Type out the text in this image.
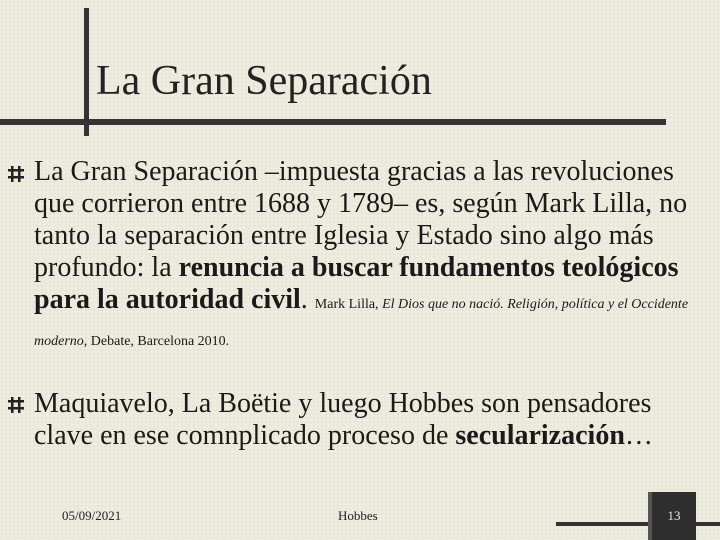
La Gran Separación

La Gran Separación –impuesta gracias a las revoluciones que corrieron entre 1688 y 1789– es, según Mark Lilla, no tanto la separación entre Iglesia y Estado sino algo más profundo: la renuncia a buscar fundamentos teológicos para la autoridad civil. Mark Lilla, El Dios que no nació. Religión, política y el Occidente moderno, Debate, Barcelona 2010.

Maquiavelo, La Boëtie y luego Hobbes son pensadores clave en ese comnplicado proceso de secularización…

05/09/2021	Hobbes	13
